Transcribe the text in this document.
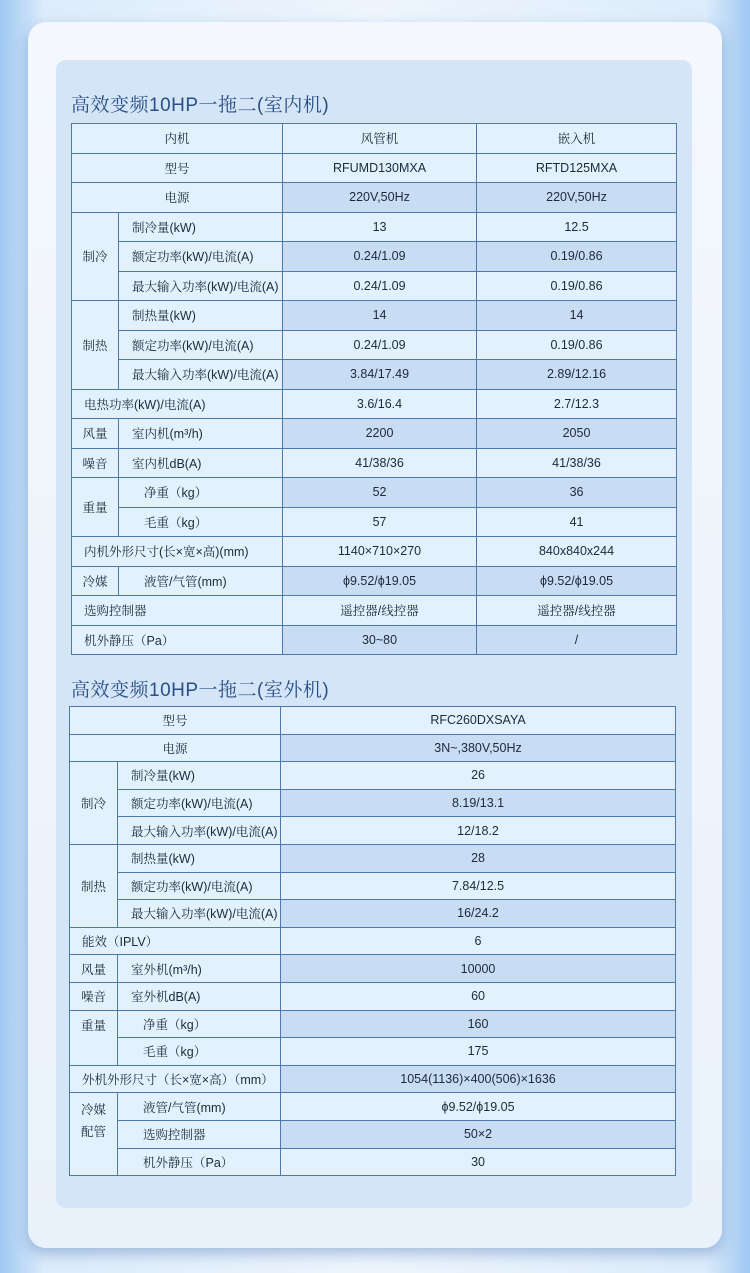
高效变频10HP一拖二(室内机)
内机		风管机	嵌入机
型号		RFUMD130MXA	RFTD125MXA
电源		220V,50Hz	220V,50Hz
制冷	制冷量(kW)	13	12.5
	额定功率(kW)/电流(A)	0.24/1.09	0.19/0.86
	最大输入功率(kW)/电流(A)	0.24/1.09	0.19/0.86
制热	制热量(kW)	14	14
	额定功率(kW)/电流(A)	0.24/1.09	0.19/0.86
	最大输入功率(kW)/电流(A)	3.84/17.49	2.89/12.16
电热功率(kW)/电流(A)		3.6/16.4	2.7/12.3
风量	室内机(m³/h)	2200	2050
噪音	室内机dB(A)	41/38/36	41/38/36
重量	净重（kg）	52	36
	毛重（kg）	57	41
内机外形尺寸(长×宽×高)(mm)		1140×710×270	840x840x244
冷媒	液管/气管(mm)	ϕ9.52/ϕ19.05	ϕ9.52/ϕ19.05
选购控制器		遥控器/线控器	遥控器/线控器
机外静压（Pa）		30~80	/
高效变频10HP一拖二(室外机)
型号		RFC260DXSAYA
电源		3N~,380V,50Hz
制冷	制冷量(kW)	26
	额定功率(kW)/电流(A)	8.19/13.1
	最大输入功率(kW)/电流(A)	12/18.2
制热	制热量(kW)	28
	额定功率(kW)/电流(A)	7.84/12.5
	最大输入功率(kW)/电流(A)	16/24.2
能效（IPLV）		6
风量	室外机(m³/h)	10000
噪音	室外机dB(A)	60
重量	净重（kg）	160
	毛重（kg）	175
外机外形尺寸（长×宽×高）（mm）		1054(1136)×400(506)×1636

冷媒
配管	液管/气管(mm)	ϕ9.52/ϕ19.05
	选购控制器	50×2
	机外静压（Pa）	30
